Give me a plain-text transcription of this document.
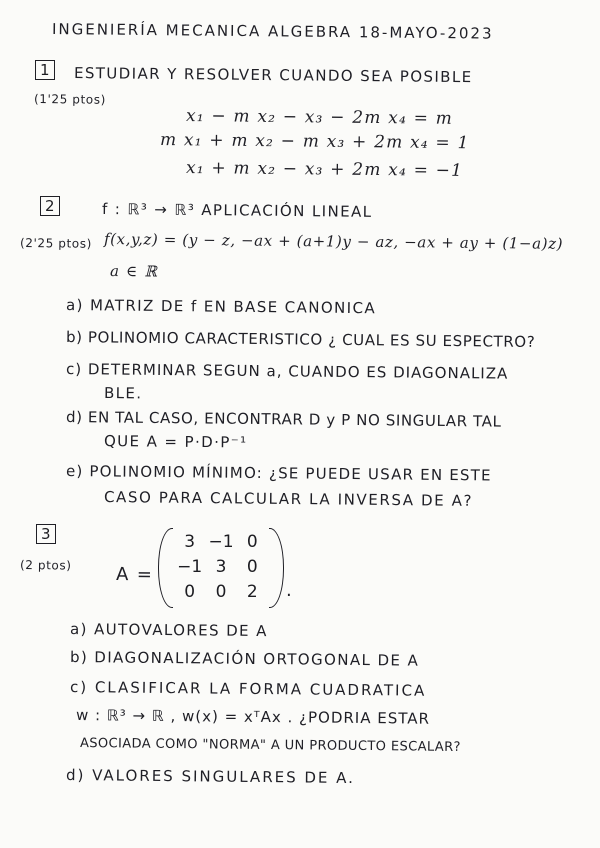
INGENIERÍA MECANICA ALGEBRA 18-MAYO-2023
1	ESTUDIAR Y RESOLVER CUANDO SEA POSIBLE
(1'25 ptos)
x₁ − m x₂ − x₃ − 2m x₄ = m
m x₁ + m x₂ − m x₃ + 2m x₄ = 1
x₁ + m x₂ − x₃ + 2m x₄ = −1
2	f : ℝ³ → ℝ³ APLICACIÓN LINEAL
(2'25 ptos) f(x,y,z) = (y − z, −ax + (a+1)y − az, −ax + ay + (1−a)z)
a ∈ ℝ
a) MATRIZ DE f EN BASE CANONICA
b) POLINOMIO CARACTERISTICO ¿ CUAL ES SU ESPECTRO?
c) DETERMINAR SEGUN a, CUANDO ES DIAGONALIZA
BLE.
d) EN TAL CASO, ENCONTRAR D y P NO SINGULAR TAL
QUE A = P·D·P⁻¹
e) POLINOMIO MÍNIMO: ¿SE PUEDE USAR EN ESTE
CASO PARA CALCULAR LA INVERSA DE A?
3
(2 ptos) A =
3 −1 0
−1 3	0
0	0	2	.
a) AUTOVALORES DE A
b) DIAGONALIZACIÓN ORTOGONAL DE A
c) CLASIFICAR LA FORMA CUADRATICA
w : ℝ³ → ℝ , w(x) = xᵀAx . ¿PODRIA ESTAR
ASOCIADA COMO "NORMA" A UN PRODUCTO ESCALAR?
d) VALORES SINGULARES DE A.
